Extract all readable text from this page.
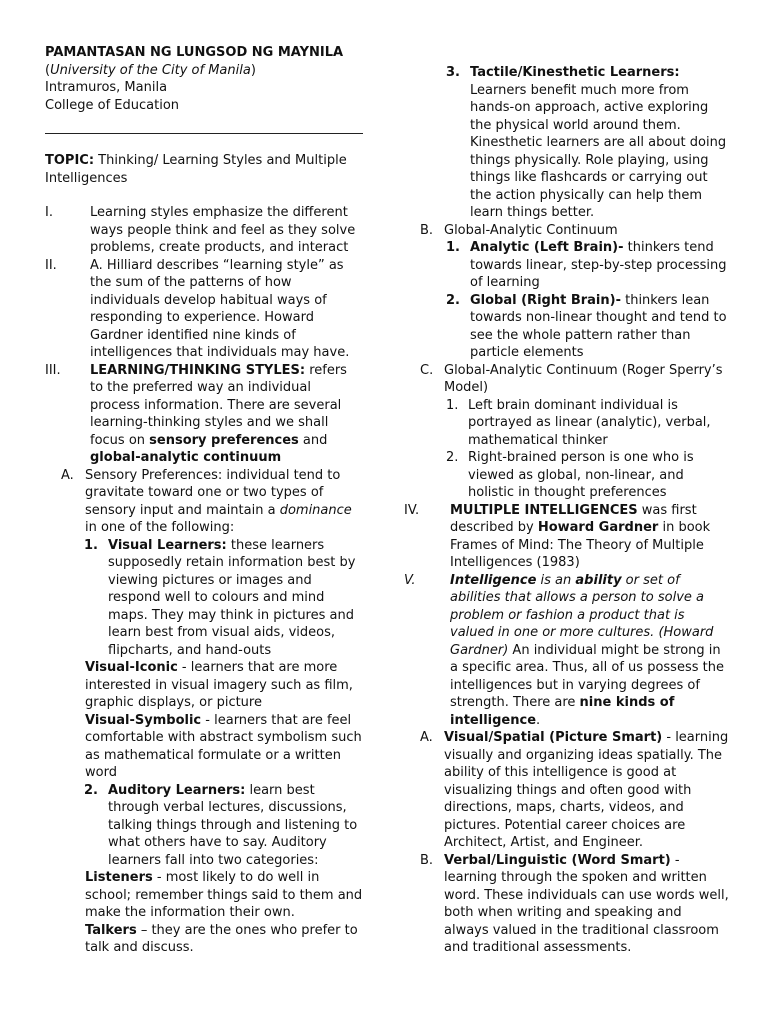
PAMANTASAN NG LUNGSOD NG MAYNILA
(University of the City of Manila)
Intramuros, Manila
College of Education
TOPIC: Thinking/ Learning Styles and Multiple Intelligences
I.	Learning styles emphasize the different ways people think and feel as they solve problems, create products, and interact
II.	A. Hilliard describes “learning style” as the sum of the patterns of how individuals develop habitual ways of responding to experience. Howard Gardner identified nine kinds of intelligences that individuals may have.
III. LEARNING/THINKING STYLES: refers to the preferred way an individual process information. There are several learning-thinking styles and we shall focus on sensory preferences and global-analytic continuum
A. Sensory Preferences: individual tend to gravitate toward one or two types of sensory input and maintain a dominance in one of the following:
1. Visual Learners: these learners supposedly retain information best by viewing pictures or images and respond well to colours and mind maps. They may think in pictures and learn best from visual aids, videos, flipcharts, and hand-outs
Visual-Iconic - learners that are more interested in visual imagery such as film, graphic displays, or picture
Visual-Symbolic - learners that are feel comfortable with abstract symbolism such as mathematical formulate or a written word
2. Auditory Learners: learn best through verbal lectures, discussions, talking things through and listening to what others have to say. Auditory learners fall into two categories:
Listeners - most likely to do well in school; remember things said to them and make the information their own.
Talkers – they are the ones who prefer to talk and discuss.
3. Tactile/Kinesthetic Learners: Learners benefit much more from hands-on approach, active exploring the physical world around them. Kinesthetic learners are all about doing things physically. Role playing, using things like flashcards or carrying out the action physically can help them learn things better.
B. Global-Analytic Continuum
1. Analytic (Left Brain)- thinkers tend towards linear, step-by-step processing of learning
2. Global (Right Brain)- thinkers lean towards non-linear thought and tend to see the whole pattern rather than particle elements
C. Global-Analytic Continuum (Roger Sperry’s Model)
1. Left brain dominant individual is portrayed as linear (analytic), verbal, mathematical thinker
2. Right-brained person is one who is viewed as global, non-linear, and holistic in thought preferences
IV. MULTIPLE INTELLIGENCES was first described by Howard Gardner in book Frames of Mind: The Theory of Multiple Intelligences (1983)
V.	Intelligence is an ability or set of abilities that allows a person to solve a problem or fashion a product that is valued in one or more cultures. (Howard Gardner) An individual might be strong in a specific area. Thus, all of us possess the intelligences but in varying degrees of strength. There are nine kinds of intelligence.
A. Visual/Spatial (Picture Smart) - learning visually and organizing ideas spatially. The ability of this intelligence is good at visualizing things and often good with directions, maps, charts, videos, and pictures. Potential career choices are Architect, Artist, and Engineer.
B. Verbal/Linguistic (Word Smart) - learning through the spoken and written word. These individuals can use words well, both when writing and speaking and always valued in the traditional classroom and traditional assessments.
